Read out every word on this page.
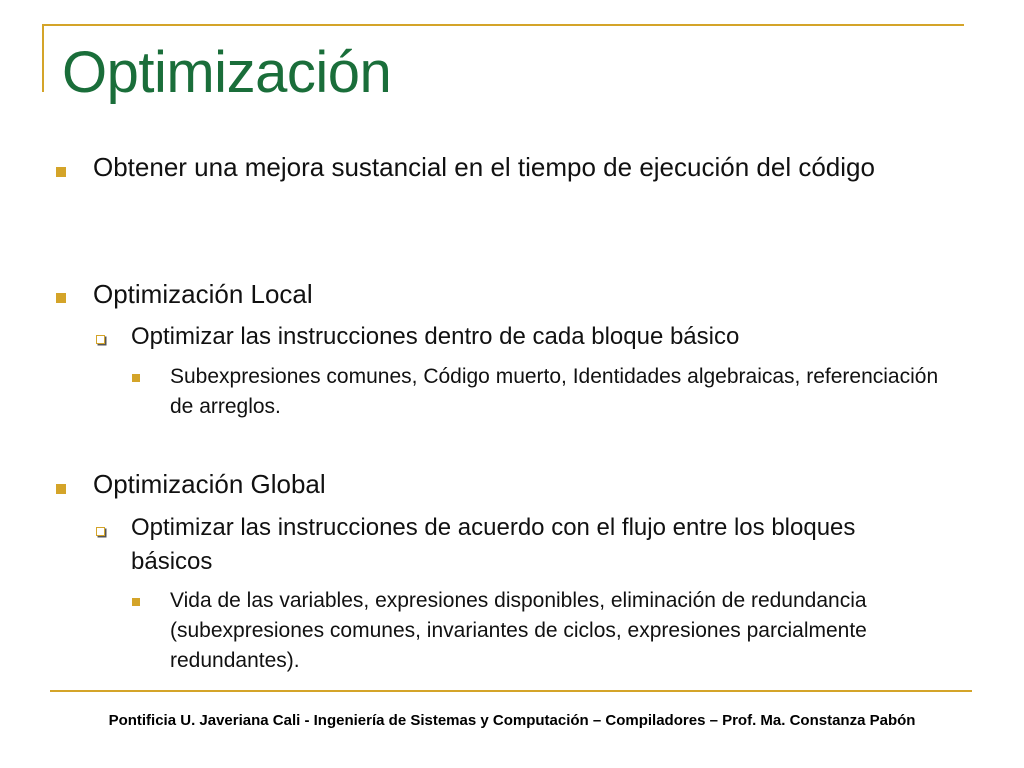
Optimización
Obtener una mejora sustancial en el tiempo de ejecución del código
Optimización Local
Optimizar las instrucciones dentro de cada bloque básico
Subexpresiones comunes, Código muerto, Identidades algebraicas, referenciación de arreglos.
Optimización Global
Optimizar las instrucciones de acuerdo con el flujo entre los bloques básicos
Vida de las variables, expresiones disponibles, eliminación de redundancia (subexpresiones comunes, invariantes de ciclos, expresiones parcialmente redundantes).
Pontificia U. Javeriana Cali - Ingeniería de Sistemas y Computación – Compiladores – Prof. Ma. Constanza Pabón
